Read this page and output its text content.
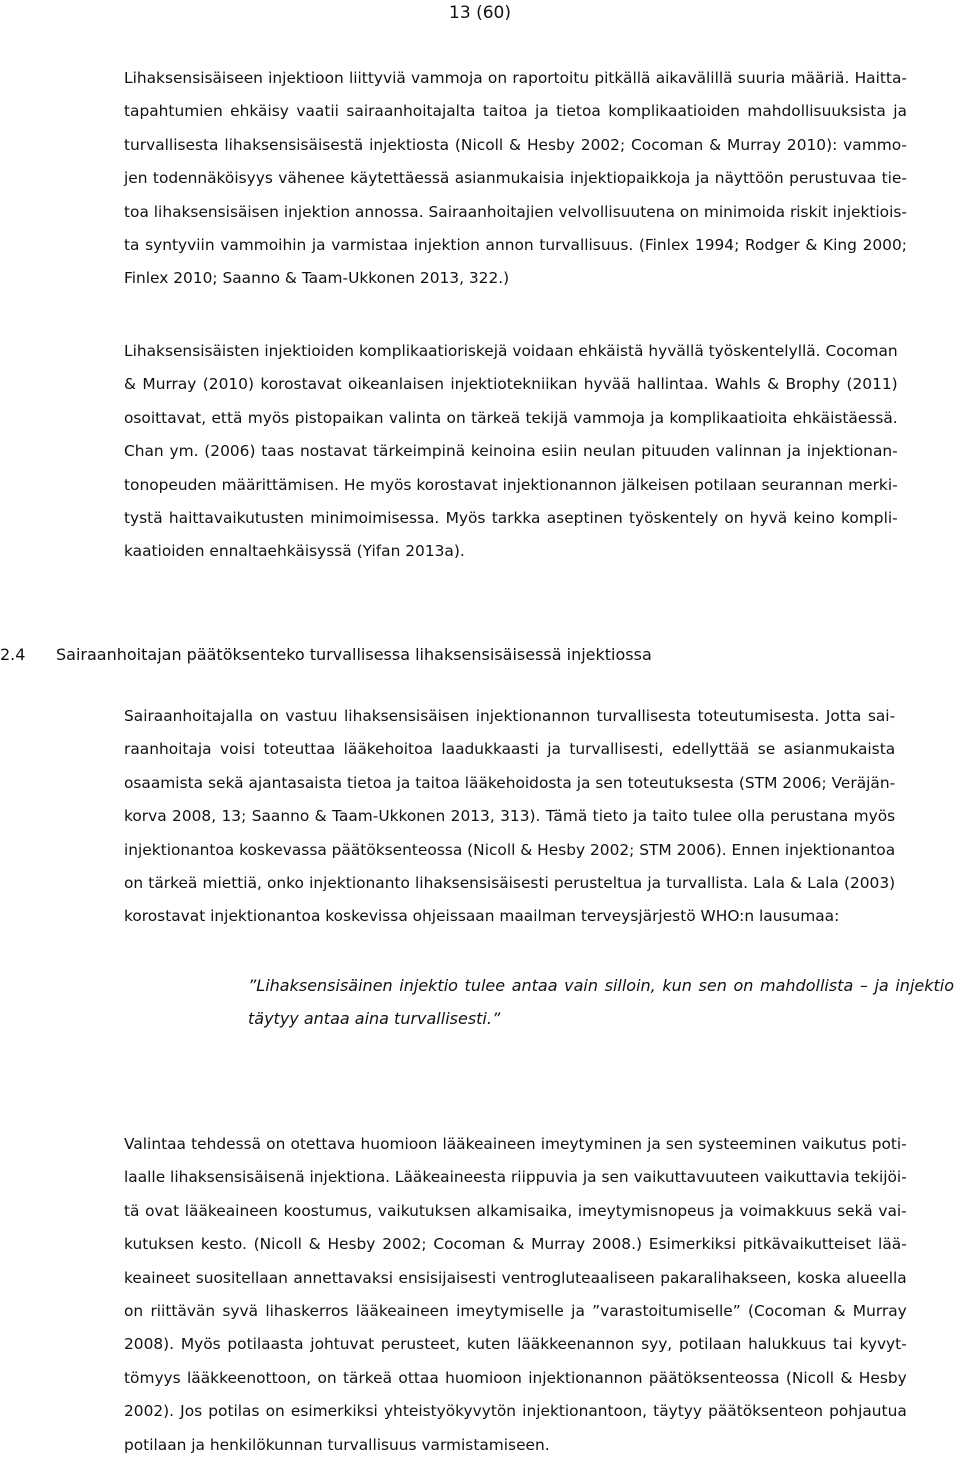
13 (60)
Lihaksensisäiseen injektioon liittyviä vammoja on raportoitu pitkällä aikavälillä suuria määriä. Haitta-
tapahtumien ehkäisy vaatii sairaanhoitajalta taitoa ja tietoa komplikaatioiden mahdollisuuksista ja
turvallisesta lihaksensisäisestä injektiosta (Nicoll & Hesby 2002; Cocoman & Murray 2010): vammo-
jen todennäköisyys vähenee käytettäessä asianmukaisia injektiopaikkoja ja näyttöön perustuvaa tie-
toa lihaksensisäisen injektion annossa. Sairaanhoitajien velvollisuutena on minimoida riskit injektiois-
ta syntyviin vammoihin ja varmistaa injektion annon turvallisuus. (Finlex 1994; Rodger & King 2000;
Finlex 2010; Saanno & Taam-Ukkonen 2013, 322.)
Lihaksensisäisten injektioiden komplikaatioriskejä voidaan ehkäistä hyvällä työskentelyllä. Cocoman
& Murray (2010) korostavat oikeanlaisen injektiotekniikan hyvää hallintaa. Wahls & Brophy (2011)
osoittavat, että myös pistopaikan valinta on tärkeä tekijä vammoja ja komplikaatioita ehkäistäessä.
Chan ym. (2006) taas nostavat tärkeimpinä keinoina esiin neulan pituuden valinnan ja injektionan-
tonopeuden määrittämisen. He myös korostavat injektionannon jälkeisen potilaan seurannan merki-
tystä haittavaikutusten minimoimisessa. Myös tarkka aseptinen työskentely on hyvä keino kompli-
kaatioiden ennaltaehkäisyssä (Yifan 2013a).
2.4 Sairaanhoitajan päätöksenteko turvallisessa lihaksensisäisessä injektiossa
Sairaanhoitajalla on vastuu lihaksensisäisen injektionannon turvallisesta toteutumisesta. Jotta sai-
raanhoitaja voisi toteuttaa lääkehoitoa laadukkaasti ja turvallisesti, edellyttää se asianmukaista
osaamista sekä ajantasaista tietoa ja taitoa lääkehoidosta ja sen toteutuksesta (STM 2006; Veräjän-
korva 2008, 13; Saanno & Taam-Ukkonen 2013, 313). Tämä tieto ja taito tulee olla perustana myös
injektionantoa koskevassa päätöksenteossa (Nicoll & Hesby 2002; STM 2006). Ennen injektionantoa
on tärkeä miettiä, onko injektionanto lihaksensisäisesti perusteltua ja turvallista. Lala & Lala (2003)
korostavat injektionantoa koskevissa ohjeissaan maailman terveysjärjestö WHO:n lausumaa:
”Lihaksensisäinen injektio tulee antaa vain silloin, kun sen on mahdollista – ja injektio
täytyy antaa aina turvallisesti.”
Valintaa tehdessä on otettava huomioon lääkeaineen imeytyminen ja sen systeeminen vaikutus poti-
laalle lihaksensisäisenä injektiona. Lääkeaineesta riippuvia ja sen vaikuttavuuteen vaikuttavia tekijöi-
tä ovat lääkeaineen koostumus, vaikutuksen alkamisaika, imeytymisnopeus ja voimakkuus sekä vai-
kutuksen kesto. (Nicoll & Hesby 2002; Cocoman & Murray 2008.) Esimerkiksi pitkävaikutteiset lää-
keaineet suositellaan annettavaksi ensisijaisesti ventrogluteaaliseen pakaralihakseen, koska alueella
on riittävän syvä lihaskerros lääkeaineen imeytymiselle ja ”varastoitumiselle” (Cocoman & Murray
2008). Myös potilaasta johtuvat perusteet, kuten lääkkeenannon syy, potilaan halukkuus tai kyvyt-
tömyys lääkkeenottoon, on tärkeä ottaa huomioon injektionannon päätöksenteossa (Nicoll & Hesby
2002). Jos potilas on esimerkiksi yhteistyökyvytön injektionantoon, täytyy päätöksenteon pohjautua
potilaan ja henkilökunnan turvallisuus varmistamiseen.
